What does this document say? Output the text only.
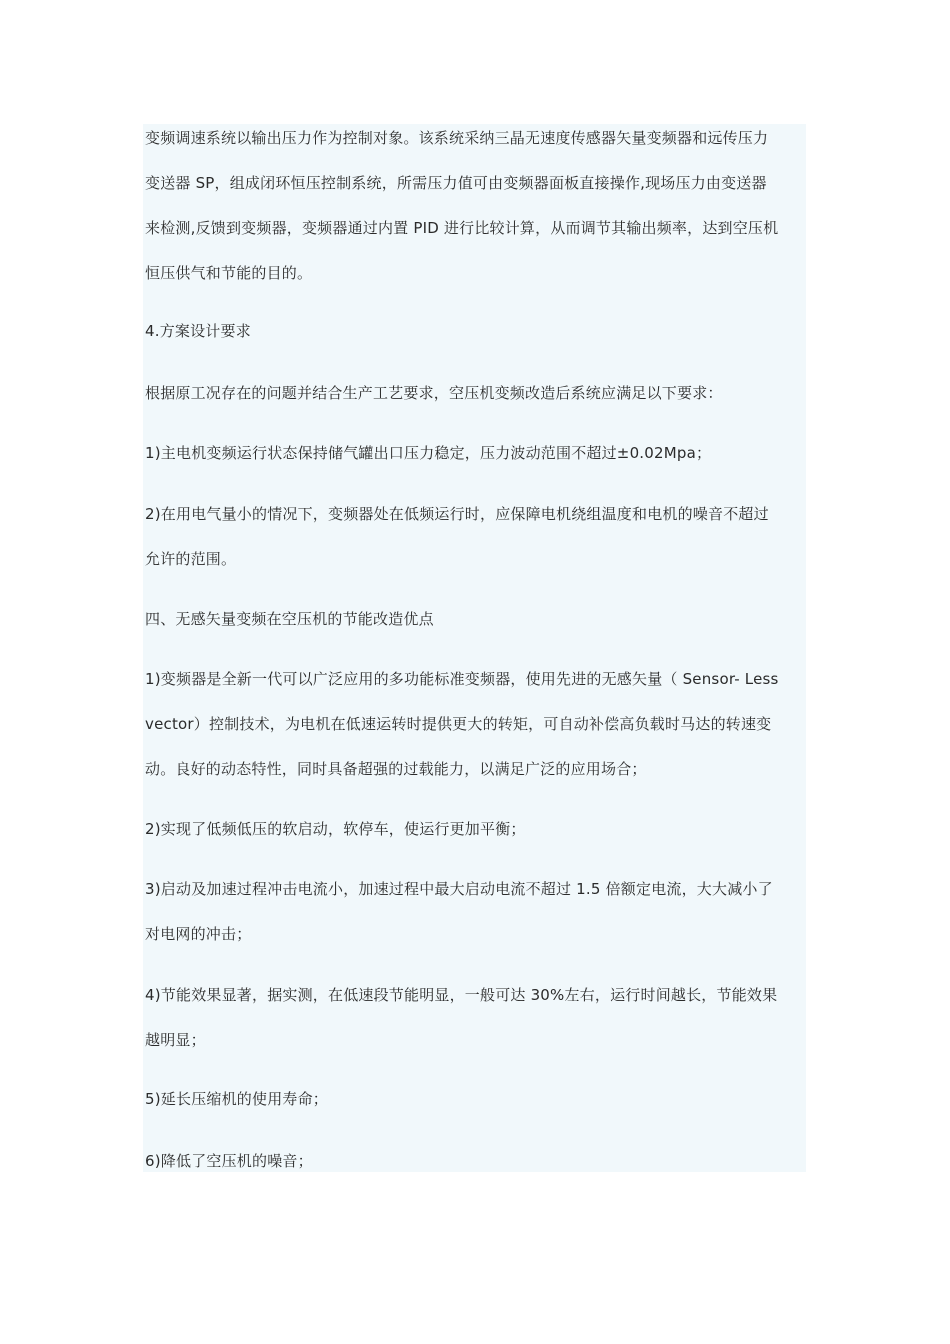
变频调速系统以输出压力作为控制对象。该系统采纳三晶无速度传感器矢量变频器和远传压力
变送器 SP，组成闭环恒压控制系统，所需压力值可由变频器面板直接操作,现场压力由变送器
来检测,反馈到变频器，变频器通过内置 PID 进行比较计算，从而调节其输出频率，达到空压机
恒压供气和节能的目的。
4.方案设计要求
根据原工况存在的问题并结合生产工艺要求，空压机变频改造后系统应满足以下要求：
1)主电机变频运行状态保持储气罐出口压力稳定，压力波动范围不超过±0.02Mpa；
2)在用电气量小的情况下，变频器处在低频运行时，应保障电机绕组温度和电机的噪音不超过
允许的范围。
四、无感矢量变频在空压机的节能改造优点
1)变频器是全新一代可以广泛应用的多功能标准变频器，使用先进的无感矢量（ Sensor- Less
vector）控制技术，为电机在低速运转时提供更大的转矩，可自动补偿高负载时马达的转速变
动。良好的动态特性，同时具备超强的过载能力，以满足广泛的应用场合；
2)实现了低频低压的软启动，软停车，使运行更加平衡；
3)启动及加速过程冲击电流小，加速过程中最大启动电流不超过 1.5 倍额定电流，大大减小了
对电网的冲击；
4)节能效果显著，据实测，在低速段节能明显，一般可达 30%左右，运行时间越长，节能效果
越明显；
5)延长压缩机的使用寿命；
6)降低了空压机的噪音；
